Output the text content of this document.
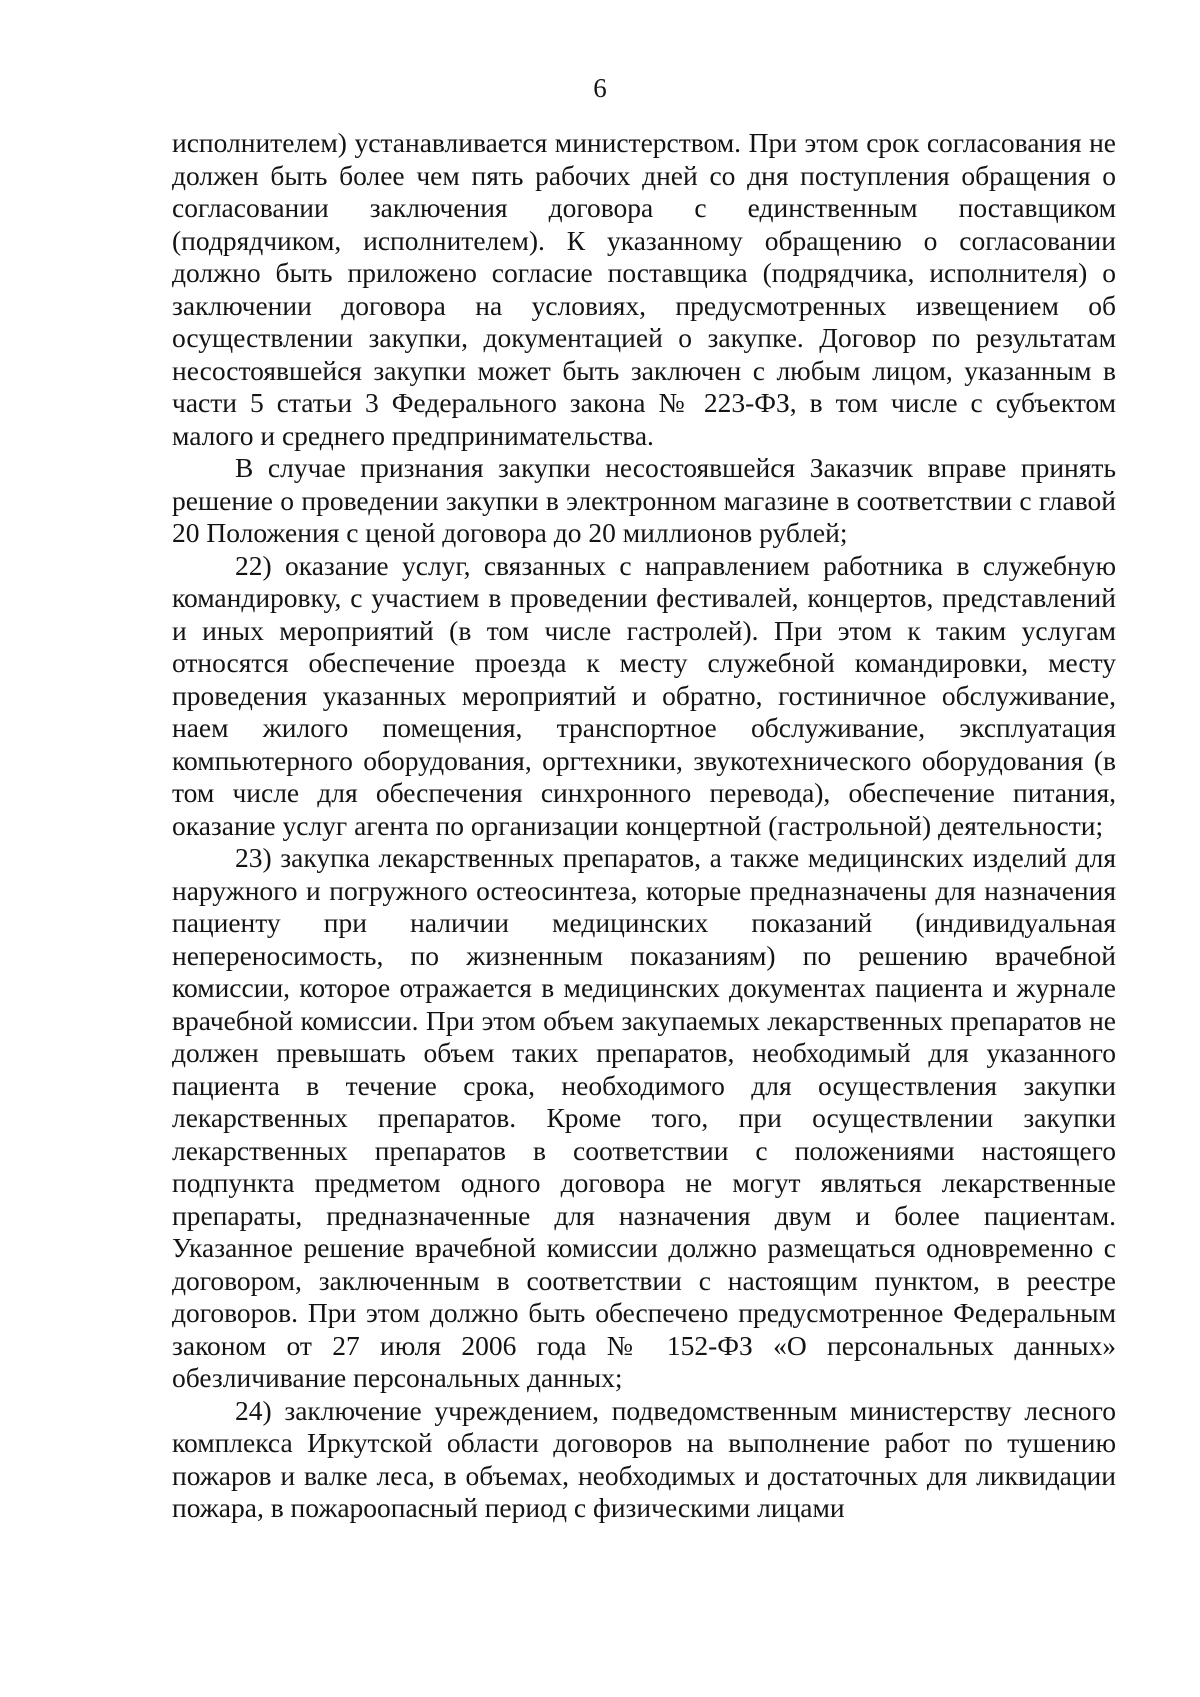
6

исполнителем) устанавливается министерством. При этом срок согласования не должен быть более чем пять рабочих дней со дня поступления обращения о согласовании заключения договора с единственным поставщиком (подрядчиком, исполнителем). К указанному обращению о согласовании должно быть приложено согласие поставщика (подрядчика, исполнителя) о заключении договора на условиях, предусмотренных извещением об осуществлении закупки, документацией о закупке. Договор по результатам несостоявшейся закупки может быть заключен с любым лицом, указанным в части 5 статьи 3 Федерального закона № 223-ФЗ, в том числе с субъектом малого и среднего предпринимательства.

В случае признания закупки несостоявшейся Заказчик вправе принять решение о проведении закупки в электронном магазине в соответствии с главой 20 Положения с ценой договора до 20 миллионов рублей;

22) оказание услуг, связанных с направлением работника в служебную командировку, с участием в проведении фестивалей, концертов, представлений и иных мероприятий (в том числе гастролей). При этом к таким услугам относятся обеспечение проезда к месту служебной командировки, месту проведения указанных мероприятий и обратно, гостиничное обслуживание, наем жилого помещения, транспортное обслуживание, эксплуатация компьютерного оборудования, оргтехники, звукотехнического оборудования (в том числе для обеспечения синхронного перевода), обеспечение питания, оказание услуг агента по организации концертной (гастрольной) деятельности;

23) закупка лекарственных препаратов, а также медицинских изделий для наружного и погружного остеосинтеза, которые предназначены для назначения пациенту при наличии медицинских показаний (индивидуальная непереносимость, по жизненным показаниям) по решению врачебной комиссии, которое отражается в медицинских документах пациента и журнале врачебной комиссии. При этом объем закупаемых лекарственных препаратов не должен превышать объем таких препаратов, необходимый для указанного пациента в течение срока, необходимого для осуществления закупки лекарственных препаратов. Кроме того, при осуществлении закупки лекарственных препаратов в соответствии с положениями настоящего подпункта предметом одного договора не могут являться лекарственные препараты, предназначенные для назначения двум и более пациентам. Указанное решение врачебной комиссии должно размещаться одновременно с договором, заключенным в соответствии с настоящим пунктом, в реестре договоров. При этом должно быть обеспечено предусмотренное Федеральным законом от 27 июля 2006 года № 152-ФЗ «О персональных данных» обезличивание персональных данных;

24) заключение учреждением, подведомственным министерству лесного комплекса Иркутской области договоров на выполнение работ по тушению пожаров и валке леса, в объемах, необходимых и достаточных для ликвидации пожара, в пожароопасный период с физическими лицами
